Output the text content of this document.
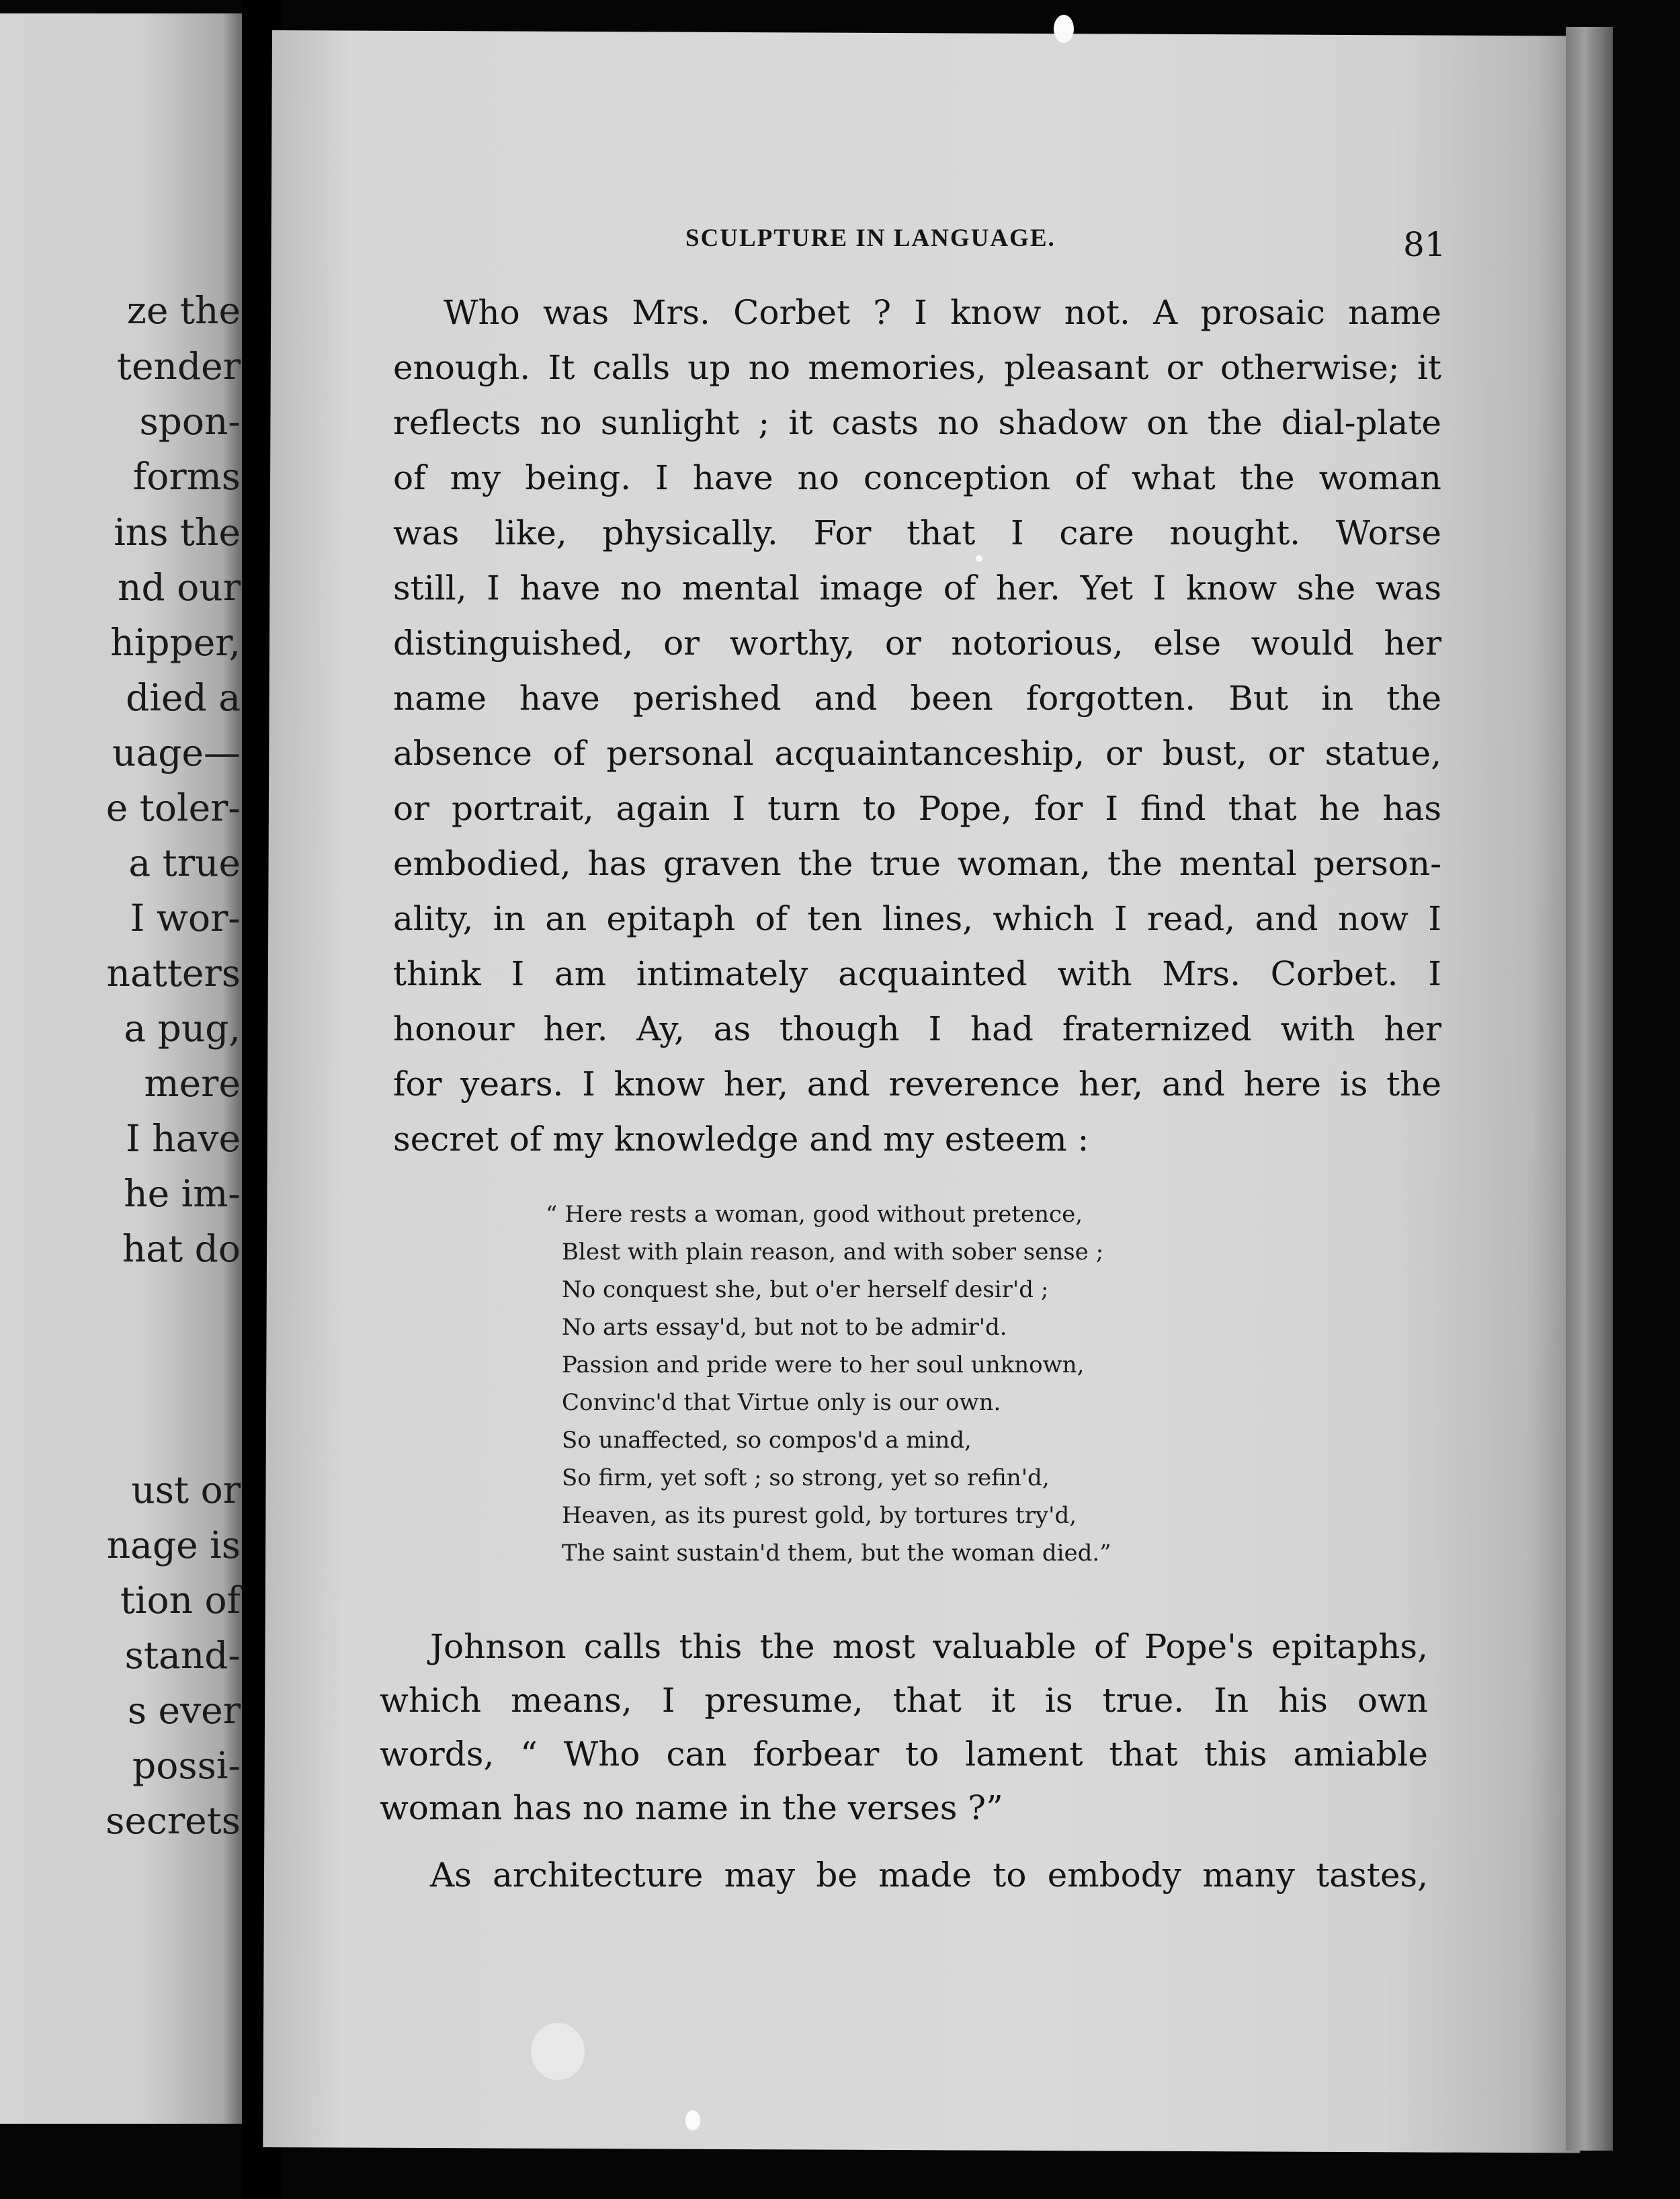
ze the
tender
spon-
forms
ins the
nd our
hipper,
died a
uage—
e toler-
a true
I wor-
natters
a pug,
mere
I have
he im-
hat do
ust or
nage is
tion of
stand-
s ever
possi-
secrets
SCULPTURE IN LANGUAGE.	81
Who was Mrs. Corbet ? I know not. A prosaic name
enough. It calls up no memories, pleasant or otherwise; it
reflects no sunlight ; it casts no shadow on the dial-plate
of my being. I have no conception of what the woman
was like, physically. For that I care nought. Worse
still, I have no mental image of her. Yet I know she was
distinguished, or worthy, or notorious, else would her
name have perished and been forgotten. But in the
absence of personal acquaintanceship, or bust, or statue,
or portrait, again I turn to Pope, for I find that he has
embodied, has graven the true woman, the mental person-
ality, in an epitaph of ten lines, which I read, and now I
think I am intimately acquainted with Mrs. Corbet. I
honour her. Ay, as though I had fraternized with her
for years. I know her, and reverence her, and here is the
secret of my knowledge and my esteem :
“ Here rests a woman, good without pretence,
Blest with plain reason, and with sober sense ;
No conquest she, but o'er herself desir'd ;
No arts essay'd, but not to be admir'd.
Passion and pride were to her soul unknown,
Convinc'd that Virtue only is our own.
So unaffected, so compos'd a mind,
So firm, yet soft ; so strong, yet so refin'd,
Heaven, as its purest gold, by tortures try'd,
The saint sustain'd them, but the woman died.”
Johnson calls this the most valuable of Pope's epitaphs,
which means, I presume, that it is true. In his own
words, “ Who can forbear to lament that this amiable
woman has no name in the verses ?”
As architecture may be made to embody many tastes,
